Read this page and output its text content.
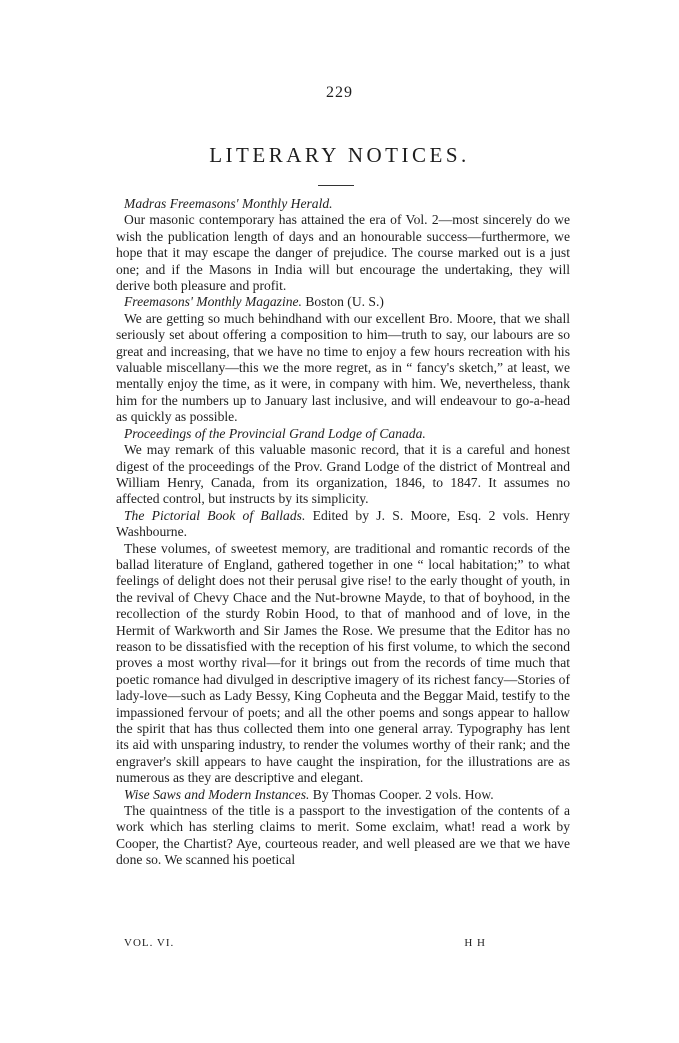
229
LITERARY NOTICES.

Madras Freemasons' Monthly Herald.

Our masonic contemporary has attained the era of Vol. 2—most sincerely do we wish the publication length of days and an honourable success—furthermore, we hope that it may escape the danger of prejudice. The course marked out is a just one; and if the Masons in India will but encourage the undertaking, they will derive both pleasure and profit.

Freemasons' Monthly Magazine. Boston (U. S.)

We are getting so much behindhand with our excellent Bro. Moore, that we shall seriously set about offering a composition to him—truth to say, our labours are so great and increasing, that we have no time to enjoy a few hours recreation with his valuable miscellany—this we the more regret, as in “ fancy's sketch,” at least, we mentally enjoy the time, as it were, in company with him. We, nevertheless, thank him for the numbers up to January last inclusive, and will endeavour to go-a-head as quickly as possible.

Proceedings of the Provincial Grand Lodge of Canada.

We may remark of this valuable masonic record, that it is a careful and honest digest of the proceedings of the Prov. Grand Lodge of the district of Montreal and William Henry, Canada, from its organization, 1846, to 1847. It assumes no affected control, but instructs by its simplicity.

The Pictorial Book of Ballads. Edited by J. S. Moore, Esq. 2 vols. Henry Washbourne.

These volumes, of sweetest memory, are traditional and romantic records of the ballad literature of England, gathered together in one “ local habitation;” to what feelings of delight does not their perusal give rise! to the early thought of youth, in the revival of Chevy Chace and the Nut-browne Mayde, to that of boyhood, in the recollection of the sturdy Robin Hood, to that of manhood and of love, in the Hermit of Warkworth and Sir James the Rose. We presume that the Editor has no reason to be dissatisfied with the reception of his first volume, to which the second proves a most worthy rival—for it brings out from the records of time much that poetic romance had divulged in descriptive imagery of its richest fancy—Stories of lady-love—such as Lady Bessy, King Copheuta and the Beggar Maid, testify to the impassioned fervour of poets; and all the other poems and songs appear to hallow the spirit that has thus collected them into one general array. Typography has lent its aid with unsparing industry, to render the volumes worthy of their rank; and the engraver's skill appears to have caught the inspiration, for the illustrations are as numerous as they are descriptive and elegant.

Wise Saws and Modern Instances. By Thomas Cooper. 2 vols. How.

The quaintness of the title is a passport to the investigation of the contents of a work which has sterling claims to merit. Some exclaim, what! read a work by Cooper, the Chartist? Aye, courteous reader, and well pleased are we that we have done so. We scanned his poetical

VOL. VI.	H H
